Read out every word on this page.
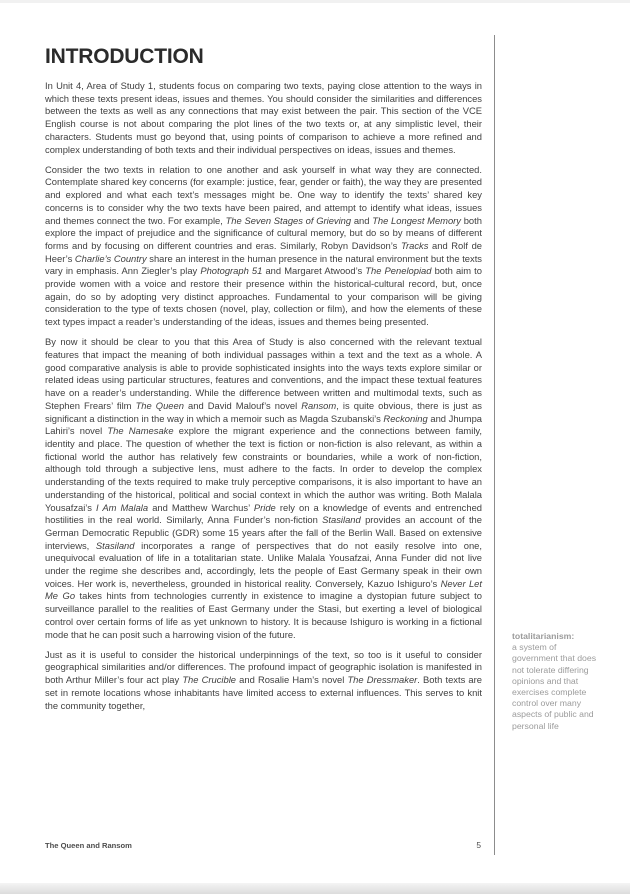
INTRODUCTION

In Unit 4, Area of Study 1, students focus on comparing two texts, paying close attention to the ways in which these texts present ideas, issues and themes. You should consider the similarities and differences between the texts as well as any connections that may exist between the pair. This section of the VCE English course is not about comparing the plot lines of the two texts or, at any simplistic level, their characters. Students must go beyond that, using points of comparison to achieve a more refined and complex understanding of both texts and their individual perspectives on ideas, issues and themes.

Consider the two texts in relation to one another and ask yourself in what way they are connected. Contemplate shared key concerns (for example: justice, fear, gender or faith), the way they are presented and explored and what each text’s messages might be. One way to identify the texts’ shared key concerns is to consider why the two texts have been paired, and attempt to identify what ideas, issues and themes connect the two. For example, The Seven Stages of Grieving and The Longest Memory both explore the impact of prejudice and the significance of cultural memory, but do so by means of different forms and by focusing on different countries and eras. Similarly, Robyn Davidson’s Tracks and Rolf de Heer’s Charlie’s Country share an interest in the human presence in the natural environment but the texts vary in emphasis. Ann Ziegler’s play Photograph 51 and Margaret Atwood’s The Penelopiad both aim to provide women with a voice and restore their presence within the historical-cultural record, but, once again, do so by adopting very distinct approaches. Fundamental to your comparison will be giving consideration to the type of texts chosen (novel, play, collection or film), and how the elements of these text types impact a reader’s understanding of the ideas, issues and themes being presented.

By now it should be clear to you that this Area of Study is also concerned with the relevant textual features that impact the meaning of both individual passages within a text and the text as a whole. A good comparative analysis is able to provide sophisticated insights into the ways texts explore similar or related ideas using particular structures, features and conventions, and the impact these textual features have on a reader’s understanding. While the difference between written and multimodal texts, such as Stephen Frears’ film The Queen and David Malouf’s novel Ransom, is quite obvious, there is just as significant a distinction in the way in which a memoir such as Magda Szubanski’s Reckoning and Jhumpa Lahiri’s novel The Namesake explore the migrant experience and the connections between family, identity and place. The question of whether the text is fiction or non-fiction is also relevant, as within a fictional world the author has relatively few constraints or boundaries, while a work of non-fiction, although told through a subjective lens, must adhere to the facts. In order to develop the complex understanding of the texts required to make truly perceptive comparisons, it is also important to have an understanding of the historical, political and social context in which the author was writing. Both Malala Yousafzai’s I Am Malala and Matthew Warchus’ Pride rely on a knowledge of events and entrenched hostilities in the real world. Similarly, Anna Funder’s non-fiction Stasiland provides an account of the German Democratic Republic (GDR) some 15 years after the fall of the Berlin Wall. Based on extensive interviews, Stasiland incorporates a range of perspectives that do not easily resolve into one, unequivocal evaluation of life in a totalitarian state. Unlike Malala Yousafzai, Anna Funder did not live under the regime she describes and, accordingly, lets the people of East Germany speak in their own voices. Her work is, nevertheless, grounded in historical reality. Conversely, Kazuo Ishiguro’s Never Let Me Go takes hints from technologies currently in existence to imagine a dystopian future subject to surveillance parallel to the realities of East Germany under the Stasi, but exerting a level of biological control over certain forms of life as yet unknown to history. It is because Ishiguro is working in a fictional mode that he can posit such a harrowing vision of the future.

Just as it is useful to consider the historical underpinnings of the text, so too is it useful to consider geographical similarities and/or differences. The profound impact of geographic isolation is manifested in both Arthur Miller’s four act play The Crucible and Rosalie Ham’s novel The Dressmaker. Both texts are set in remote locations whose inhabitants have limited access to external influences. This serves to knit the community together,

totalitarianism:
a system of government that does not tolerate differing opinions and that exercises complete control over many aspects of public and personal life
The Queen and Ransom	5
